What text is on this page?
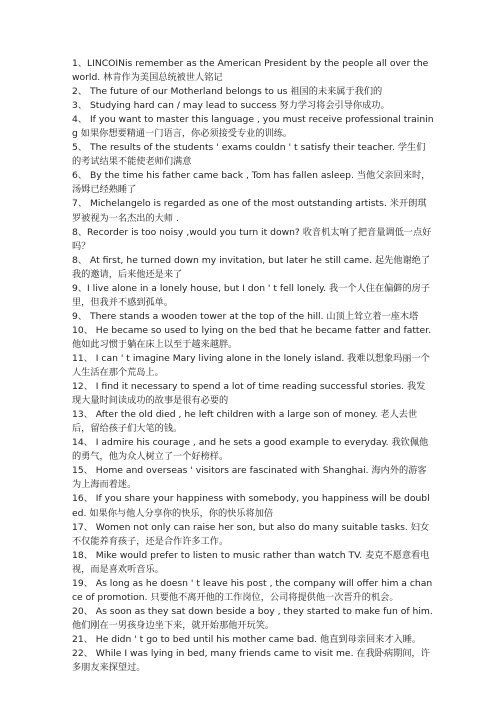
1、LINCOINis remember as the American President by the people all over the world. 林肯作为美国总统被世人铭记

2、 The future of our Motherland belongs to us 祖国的未来属于我们的

3、 Studying hard can / may lead to success 努力学习将会引导你成功。

4、 If you want to master this language , you must receive professional training 如果你想要精通一门语言，你必须接受专业的训练。

5、 The results of the students ' exams couldn ' t satisfy their teacher. 学生们的考试结果不能使老师们满意

6、 By the time his father came back , Tom has fallen asleep. 当他父亲回来时，汤姆已经熟睡了

7、 Michelangelo is regarded as one of the most outstanding artists. 米开朗琪罗被视为一名杰出的大师 .

8、Recorder is too noisy ,would you turn it down? 收音机太响了把音量调低一点好吗？

8、 At first, he turned down my invitation, but later he still came. 起先他谢绝了我的邀请，后来他还是来了

9、I live alone in a lonely house, but I don ' t fell lonely. 我一个人住在偏僻的房子里，但我并不感到孤单。

9、 There stands a wooden tower at the top of the hill. 山顶上耸立着一座木塔

10、 He became so used to lying on the bed that he became fatter and fatter. 他如此习惯于躺在床上以至于越来越胖。

11、 I can ' t imagine Mary living alone in the lonely island. 我难以想象玛丽一个人生活在那个荒岛上。

12、 I find it necessary to spend a lot of time reading successful stories. 我发现大量时间读成功的故事是很有必要的

13、 After the old died , he left children with a large son of money. 老人去世后，留给孩子们大笔的钱。

14、 I admire his courage , and he sets a good example to everyday. 我钦佩他的勇气，他为众人树立了一个好榜样。

15、 Home and overseas ' visitors are fascinated with Shanghai. 海内外的游客为上海而着迷。

16、 If you share your happiness with somebody, you happiness will be doubled. 如果你与他人分享你的快乐，你的快乐将加倍

17、 Women not only can raise her son, but also do many suitable tasks. 妇女不仅能养育孩子，还是合作许多工作。

18、 Mike would prefer to listen to music rather than watch TV. 麦克不愿意看电视，而是喜欢听音乐。

19、 As long as he doesn ' t leave his post , the company will offer him a chance of promotion. 只要他不离开他的工作岗位，公司将提供他一次晋升的机会。

20、 As soon as they sat down beside a boy , they started to make fun of him. 他们刚在一男孩身边坐下来，就开始那他开玩笑。

21、 He didn ' t go to bed until his mother came bad. 他直到母亲回来才入睡。

22、 While I was lying in bed, many friends came to visit me. 在我卧病期间，许多朋友来探望过。
